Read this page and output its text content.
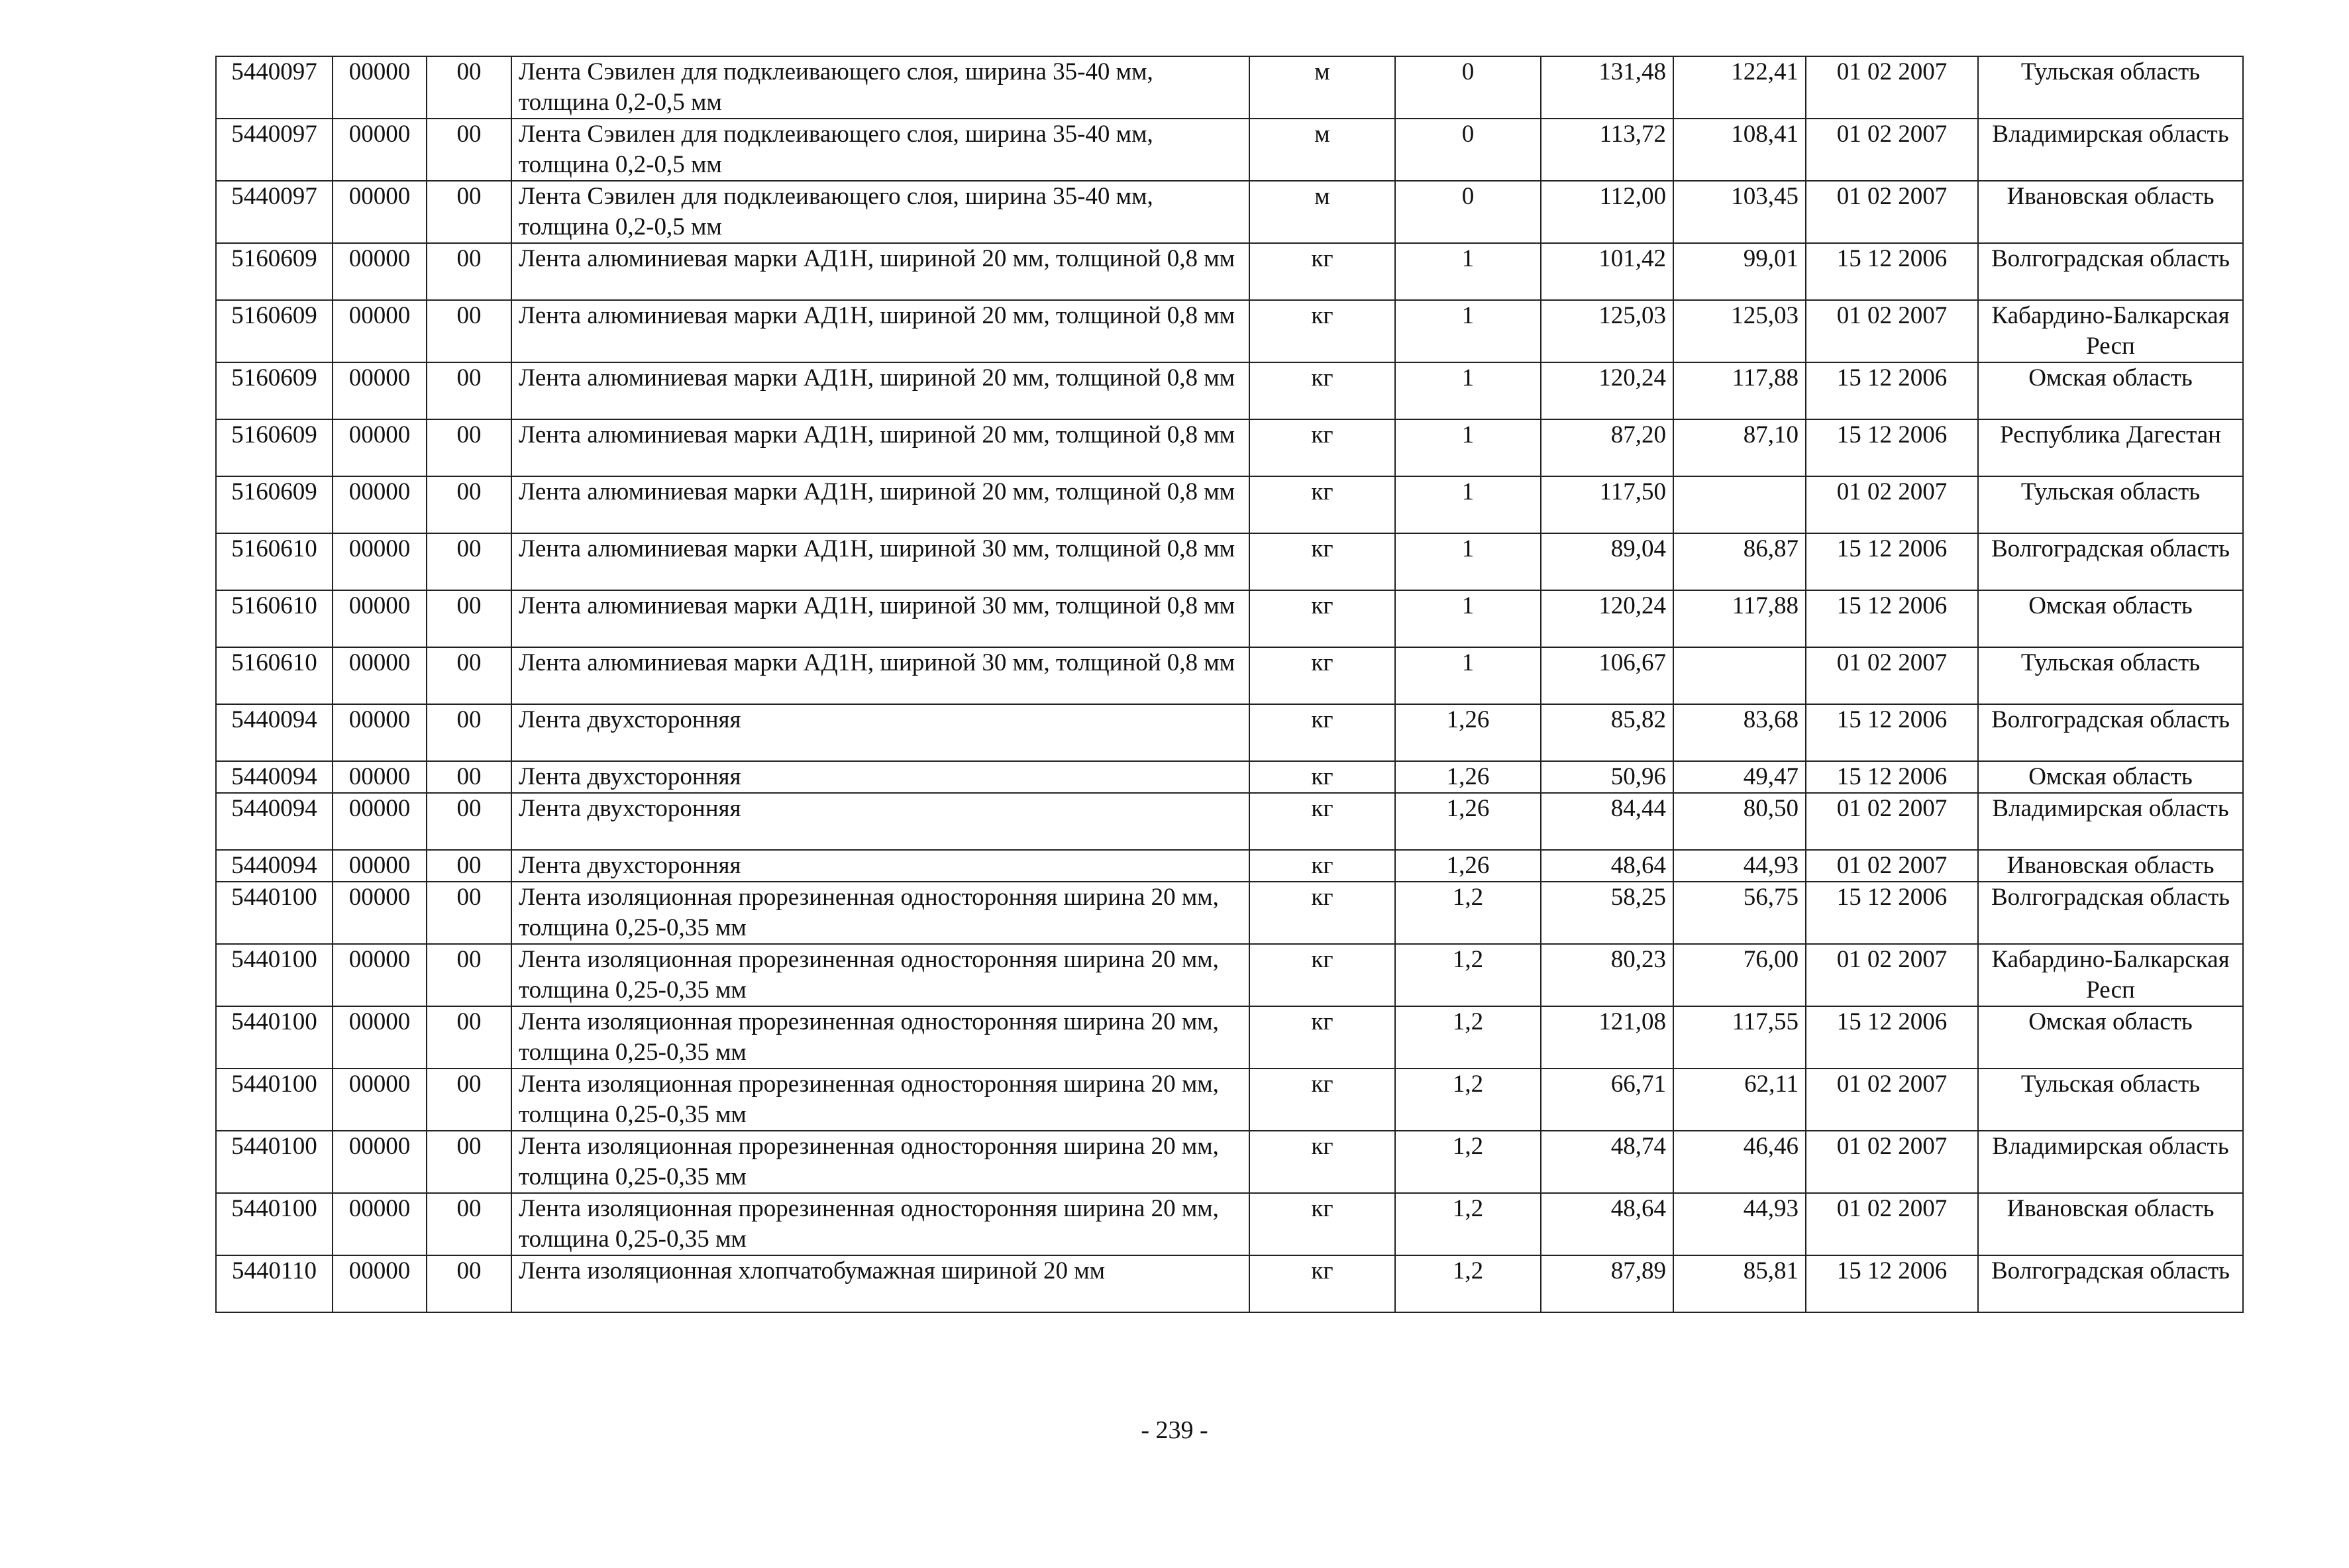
5440097	00000	00	Лента Сэвилен для подклеивающего слоя, ширина 35-40 мм, толщина 0,2-0,5 мм	м	0	131,48	122,41	01 02 2007	Тульская область
5440097	00000	00	Лента Сэвилен для подклеивающего слоя, ширина 35-40 мм, толщина 0,2-0,5 мм	м	0	113,72	108,41	01 02 2007	Владимирская область
5440097	00000	00	Лента Сэвилен для подклеивающего слоя, ширина 35-40 мм, толщина 0,2-0,5 мм	м	0	112,00	103,45	01 02 2007	Ивановская область
5160609	00000	00	Лента алюминиевая марки АД1Н, шириной 20 мм, толщиной 0,8 мм	кг	1	101,42	99,01	15 12 2006	Волгоградская область
5160609	00000	00	Лента алюминиевая марки АД1Н, шириной 20 мм, толщиной 0,8 мм	кг	1	125,03	125,03	01 02 2007	Кабардино-Балкарская Респ
5160609	00000	00	Лента алюминиевая марки АД1Н, шириной 20 мм, толщиной 0,8 мм	кг	1	120,24	117,88	15 12 2006	Омская область
5160609	00000	00	Лента алюминиевая марки АД1Н, шириной 20 мм, толщиной 0,8 мм	кг	1	87,20	87,10	15 12 2006	Республика Дагестан
5160609	00000	00	Лента алюминиевая марки АД1Н, шириной 20 мм, толщиной 0,8 мм	кг	1	117,50		01 02 2007	Тульская область
5160610	00000	00	Лента алюминиевая марки АД1Н, шириной 30 мм, толщиной 0,8 мм	кг	1	89,04	86,87	15 12 2006	Волгоградская область
5160610	00000	00	Лента алюминиевая марки АД1Н, шириной 30 мм, толщиной 0,8 мм	кг	1	120,24	117,88	15 12 2006	Омская область
5160610	00000	00	Лента алюминиевая марки АД1Н, шириной 30 мм, толщиной 0,8 мм	кг	1	106,67		01 02 2007	Тульская область
5440094	00000	00	Лента двухсторонняя	кг	1,26	85,82	83,68	15 12 2006	Волгоградская область
5440094	00000	00	Лента двухсторонняя	кг	1,26	50,96	49,47	15 12 2006	Омская область
5440094	00000	00	Лента двухсторонняя	кг	1,26	84,44	80,50	01 02 2007	Владимирская область
5440094	00000	00	Лента двухсторонняя	кг	1,26	48,64	44,93	01 02 2007	Ивановская область
5440100	00000	00	Лента изоляционная прорезиненная односторонняя ширина 20 мм, толщина 0,25-0,35 мм	кг	1,2	58,25	56,75	15 12 2006	Волгоградская область
5440100	00000	00	Лента изоляционная прорезиненная односторонняя ширина 20 мм, толщина 0,25-0,35 мм	кг	1,2	80,23	76,00	01 02 2007	Кабардино-Балкарская Респ
5440100	00000	00	Лента изоляционная прорезиненная односторонняя ширина 20 мм, толщина 0,25-0,35 мм	кг	1,2	121,08	117,55	15 12 2006	Омская область
5440100	00000	00	Лента изоляционная прорезиненная односторонняя ширина 20 мм, толщина 0,25-0,35 мм	кг	1,2	66,71	62,11	01 02 2007	Тульская область
5440100	00000	00	Лента изоляционная прорезиненная односторонняя ширина 20 мм, толщина 0,25-0,35 мм	кг	1,2	48,74	46,46	01 02 2007	Владимирская область
5440100	00000	00	Лента изоляционная прорезиненная односторонняя ширина 20 мм, толщина 0,25-0,35 мм	кг	1,2	48,64	44,93	01 02 2007	Ивановская область
5440110	00000	00	Лента изоляционная хлопчатобумажная шириной 20 мм	кг	1,2	87,89	85,81	15 12 2006	Волгоградская область
- 239 -
